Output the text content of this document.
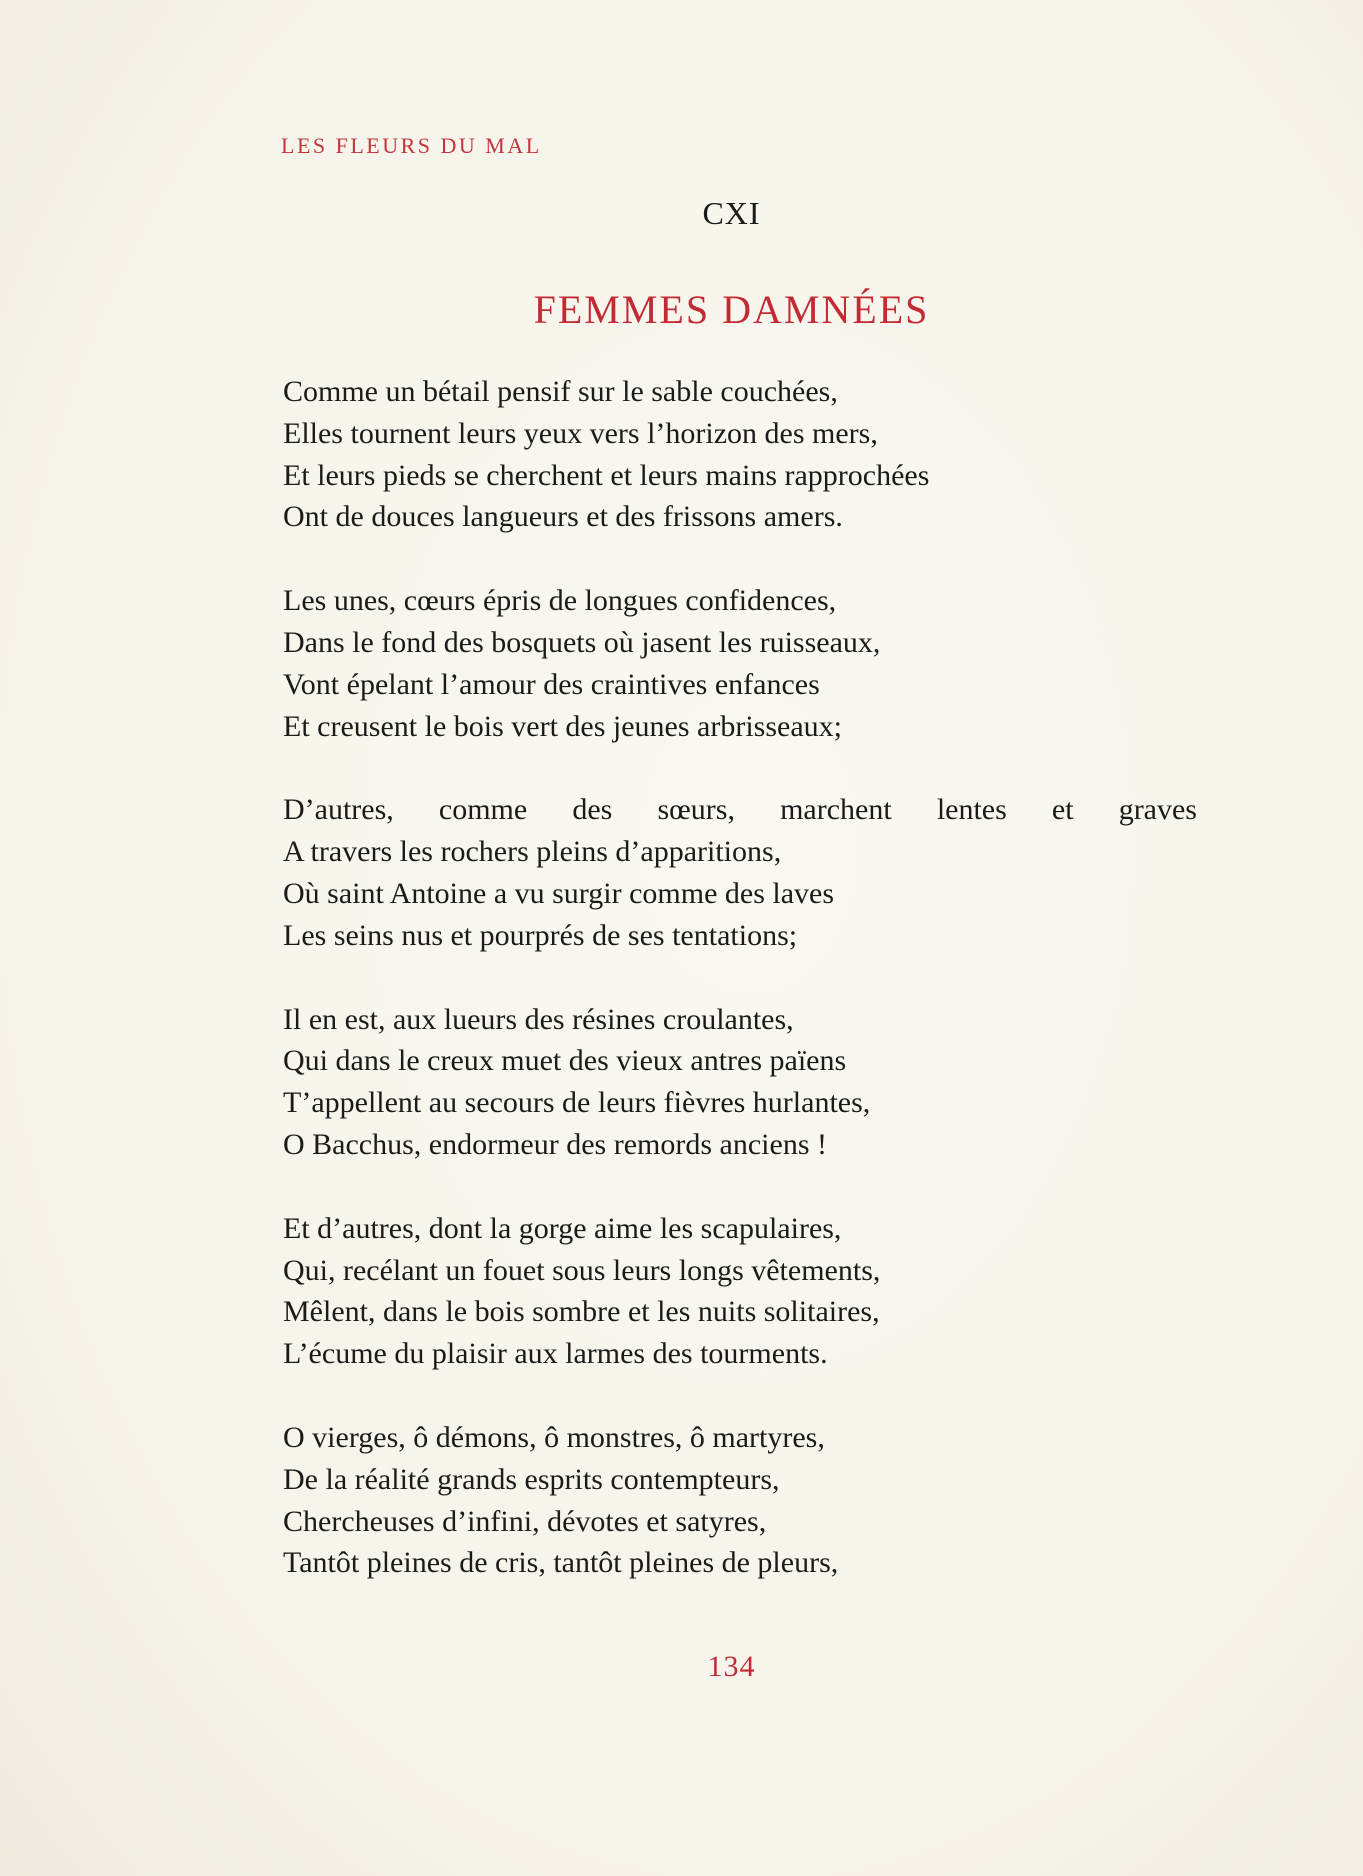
LES FLEURS DU MAL
CXI
FEMMES DAMNÉES
Comme un bétail pensif sur le sable couchées,
Elles tournent leurs yeux vers l’horizon des mers,
Et leurs pieds se cherchent et leurs mains rapprochées
Ont de douces langueurs et des frissons amers.
Les unes, cœurs épris de longues confidences,
Dans le fond des bosquets où jasent les ruisseaux,
Vont épelant l’amour des craintives enfances
Et creusent le bois vert des jeunes arbrisseaux;
D’autres, comme des sœurs, marchent lentes et graves
A travers les rochers pleins d’apparitions,
Où saint Antoine a vu surgir comme des laves
Les seins nus et pourprés de ses tentations;
Il en est, aux lueurs des résines croulantes,
Qui dans le creux muet des vieux antres païens
T’appellent au secours de leurs fièvres hurlantes,
O Bacchus, endormeur des remords anciens !
Et d’autres, dont la gorge aime les scapulaires,
Qui, recélant un fouet sous leurs longs vêtements,
Mêlent, dans le bois sombre et les nuits solitaires,
L’écume du plaisir aux larmes des tourments.
O vierges, ô démons, ô monstres, ô martyres,
De la réalité grands esprits contempteurs,
Chercheuses d’infini, dévotes et satyres,
Tantôt pleines de cris, tantôt pleines de pleurs,
134
